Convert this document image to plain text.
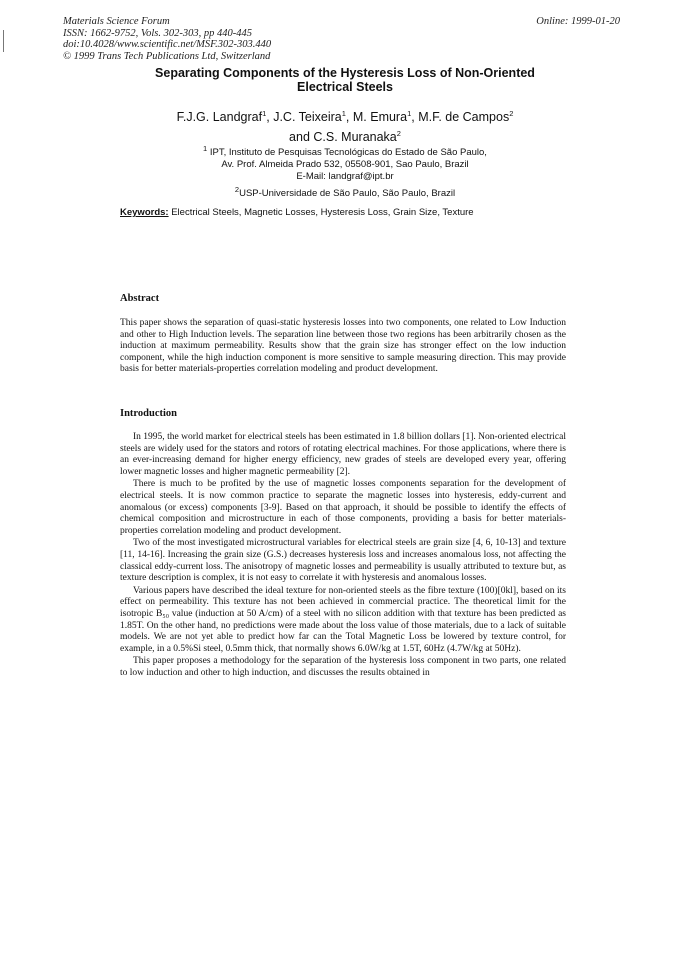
Materials Science Forum
ISSN: 1662-9752, Vols. 302-303, pp 440-445
doi:10.4028/www.scientific.net/MSF.302-303.440
© 1999 Trans Tech Publications Ltd, Switzerland
Online: 1999-01-20
Separating Components of the Hysteresis Loss of Non-Oriented
Electrical Steels
F.J.G. Landgraf$^1$, J.C. Teixeira$^1$, M. Emura$^1$, M.F. de Campos$^2$
and C.S. Muranaka$^2$
$^1$ IPT, Instituto de Pesquisas Tecnológicas do Estado de São Paulo,
Av. Prof. Almeida Prado 532, 05508-901, Sao Paulo, Brazil
E-Mail: landgraf@ipt.br
$^2$USP-Universidade de São Paulo, São Paulo, Brazil
Keywords: Electrical Steels, Magnetic Losses, Hysteresis Loss, Grain Size, Texture
Abstract

This paper shows the separation of quasi-static hysteresis losses into two components, one related to Low Induction and other to High Induction levels. The separation line between those two regions has been arbitrarily chosen as the induction at maximum permeability. Results show that the grain size has stronger effect on the low induction component, while the high induction component is more sensitive to sample measuring direction. This may provide basis for better materials-properties correlation modeling and product development.

Introduction

In 1995, the world market for electrical steels has been estimated in 1.8 billion dollars [1]. Non-oriented electrical steels are widely used for the stators and rotors of rotating electrical machines. For those applications, where there is an ever-increasing demand for higher energy efficiency, new grades of steels are developed every year, offering lower magnetic losses and higher magnetic permeability [2].

There is much to be profited by the use of magnetic losses components separation for the development of electrical steels. It is now common practice to separate the magnetic losses into hysteresis, eddy-current and anomalous (or excess) components [3-9]. Based on that approach, it should be possible to identify the effects of chemical composition and microstructure in each of those components, providing a basis for better materials-properties correlation modeling and product development.

Two of the most investigated microstructural variables for electrical steels are grain size [4, 6, 10-13] and texture [11, 14-16]. Increasing the grain size (G.S.) decreases hysteresis loss and increases anomalous loss, not affecting the classical eddy-current loss. The anisotropy of magnetic losses and permeability is usually attributed to texture but, as texture description is complex, it is not easy to correlate it with hysteresis and anomalous losses.

Various papers have described the ideal texture for non-oriented steels as the fibre texture (100)[0kl], based on its effect on permeability. This texture has not been achieved in commercial practice. The theoretical limit for the isotropic B₅₀ value (induction at 50 A/cm) of a steel with no silicon addition with that texture has been predicted as 1.85T. On the other hand, no predictions were made about the loss value of those materials, due to a lack of suitable models. We are not yet able to predict how far can the Total Magnetic Loss be lowered by texture control, for example, in a 0.5%Si steel, 0.5mm thick, that normally shows 6.0W/kg at 1.5T, 60Hz (4.7W/kg at 50Hz).

This paper proposes a methodology for the separation of the hysteresis loss component in two parts, one related to low induction and other to high induction, and discusses the results obtained in
